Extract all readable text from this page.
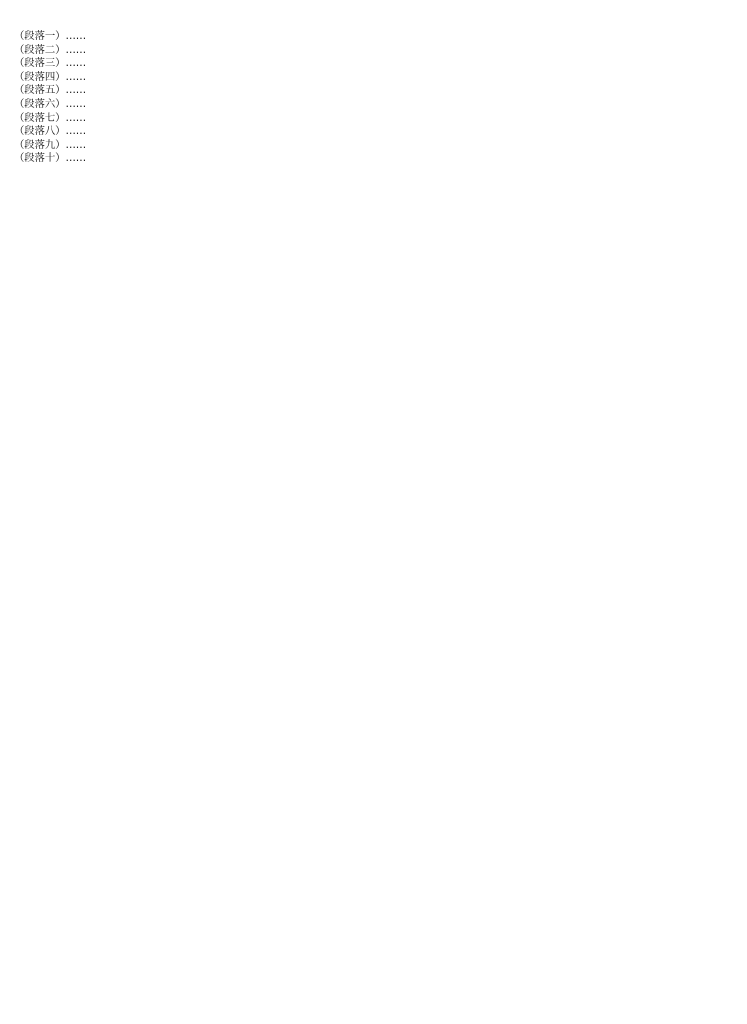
（段落一）……

（段落二）……

（段落三）……

（段落四）……

（段落五）……

（段落六）……

（段落七）……

（段落八）……

（段落九）……

（段落十）……
